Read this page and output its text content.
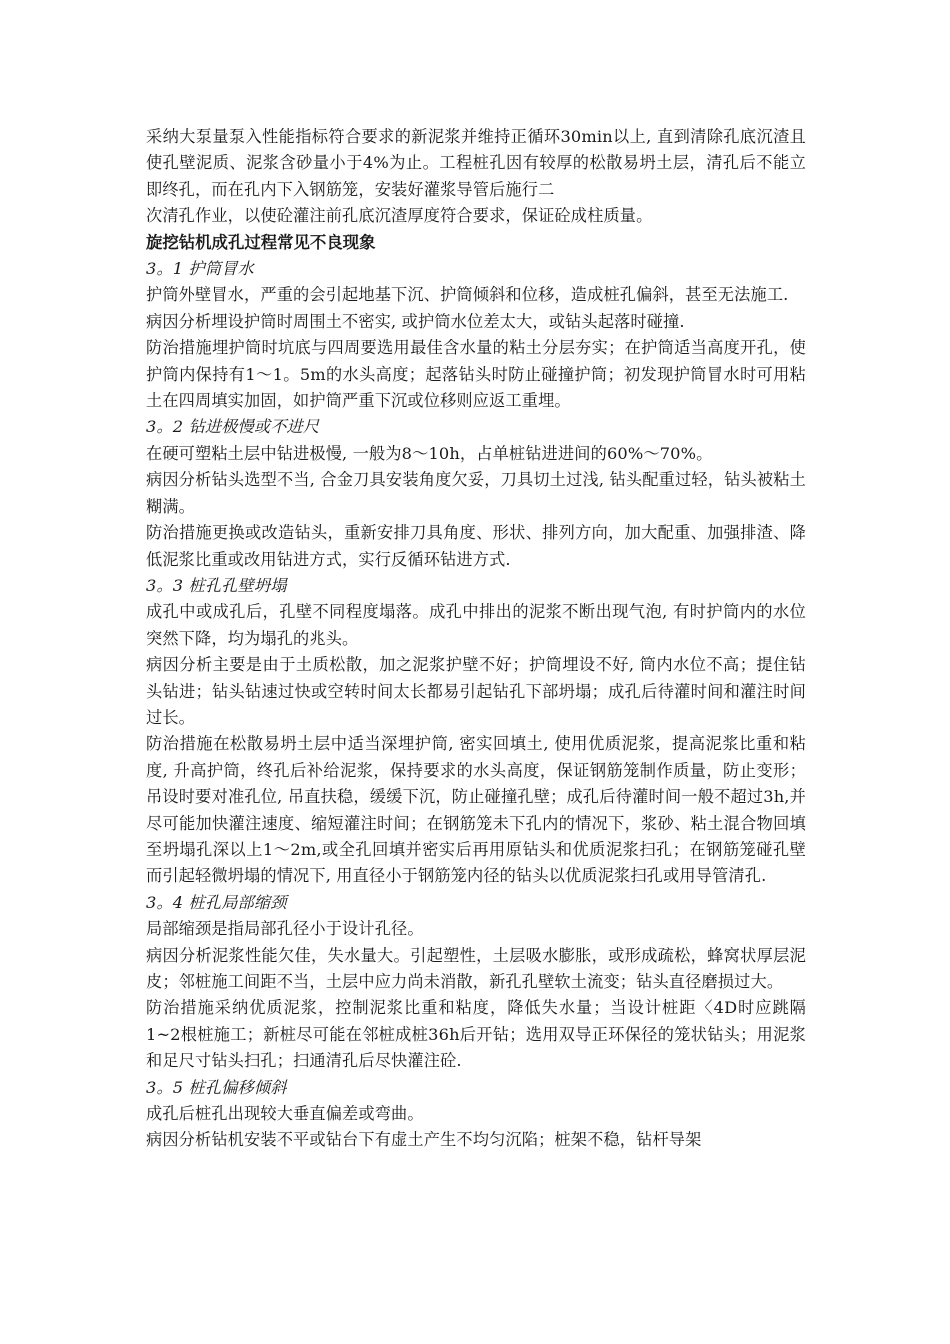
采纳大泵量泵入性能指标符合要求的新泥浆并维持正循环30min以上, 直到清除孔底沉渣且使孔壁泥质、泥浆含砂量小于4%为止。工程桩孔因有较厚的松散易坍土层，清孔后不能立即终孔，而在孔内下入钢筋笼，安装好灌浆导管后施行二

次清孔作业，以使砼灌注前孔底沉渣厚度符合要求，保证砼成柱质量。

旋挖钻机成孔过程常见不良现象

3。1 护筒冒水

护筒外壁冒水，严重的会引起地基下沉、护筒倾斜和位移，造成桩孔偏斜，甚至无法施工.

病因分析埋设护筒时周围土不密实, 或护筒水位差太大，或钻头起落时碰撞.

防治措施埋护筒时坑底与四周要选用最佳含水量的粘土分层夯实；在护筒适当高度开孔，使护筒内保持有1～1。5m的水头高度；起落钻头时防止碰撞护筒；初发现护筒冒水时可用粘土在四周填实加固，如护筒严重下沉或位移则应返工重埋。

3。2 钻进极慢或不进尺

在硬可塑粘土层中钻进极慢, 一般为8～10h，占单桩钻进进间的60%～70%。

病因分析钻头选型不当, 合金刀具安装角度欠妥，刀具切土过浅, 钻头配重过轻，钻头被粘土糊满。

防治措施更换或改造钻头，重新安排刀具角度、形状、排列方向，加大配重、加强排渣、降低泥浆比重或改用钻进方式，实行反循环钻进方式.

3。3 桩孔孔壁坍塌

成孔中或成孔后，孔壁不同程度塌落。成孔中排出的泥浆不断出现气泡, 有时护筒内的水位突然下降，均为塌孔的兆头。

病因分析主要是由于土质松散，加之泥浆护壁不好；护筒埋设不好, 筒内水位不高；提住钻头钻进；钻头钻速过快或空转时间太长都易引起钻孔下部坍塌；成孔后待灌时间和灌注时间过长。

防治措施在松散易坍土层中适当深埋护筒, 密实回填土, 使用优质泥浆，提高泥浆比重和粘度, 升高护筒，终孔后补给泥浆，保持要求的水头高度，保证钢筋笼制作质量，防止变形；吊设时要对准孔位, 吊直扶稳，缓缓下沉，防止碰撞孔壁；成孔后待灌时间一般不超过3h,并尽可能加快灌注速度、缩短灌注时间；在钢筋笼未下孔内的情况下，浆砂、粘土混合物回填至坍塌孔深以上1～2m,或全孔回填并密实后再用原钻头和优质泥浆扫孔；在钢筋笼碰孔壁而引起轻微坍塌的情况下, 用直径小于钢筋笼内径的钻头以优质泥浆扫孔或用导管清孔.

3。4 桩孔局部缩颈

局部缩颈是指局部孔径小于设计孔径。

病因分析泥浆性能欠佳，失水量大。引起塑性，土层吸水膨胀，或形成疏松，蜂窝状厚层泥皮；邻桩施工间距不当，土层中应力尚未消散，新孔孔壁软土流变；钻头直径磨损过大。

防治措施采纳优质泥浆，控制泥浆比重和粘度，降低失水量；当设计桩距〈4D时应跳隔1~2根桩施工；新桩尽可能在邻桩成桩36h后开钻；选用双导正环保径的笼状钻头；用泥浆和足尺寸钻头扫孔；扫通清孔后尽快灌注砼.

3。5 桩孔偏移倾斜

成孔后桩孔出现较大垂直偏差或弯曲。

病因分析钻机安装不平或钻台下有虚土产生不均匀沉陷；桩架不稳，钻杆导架
